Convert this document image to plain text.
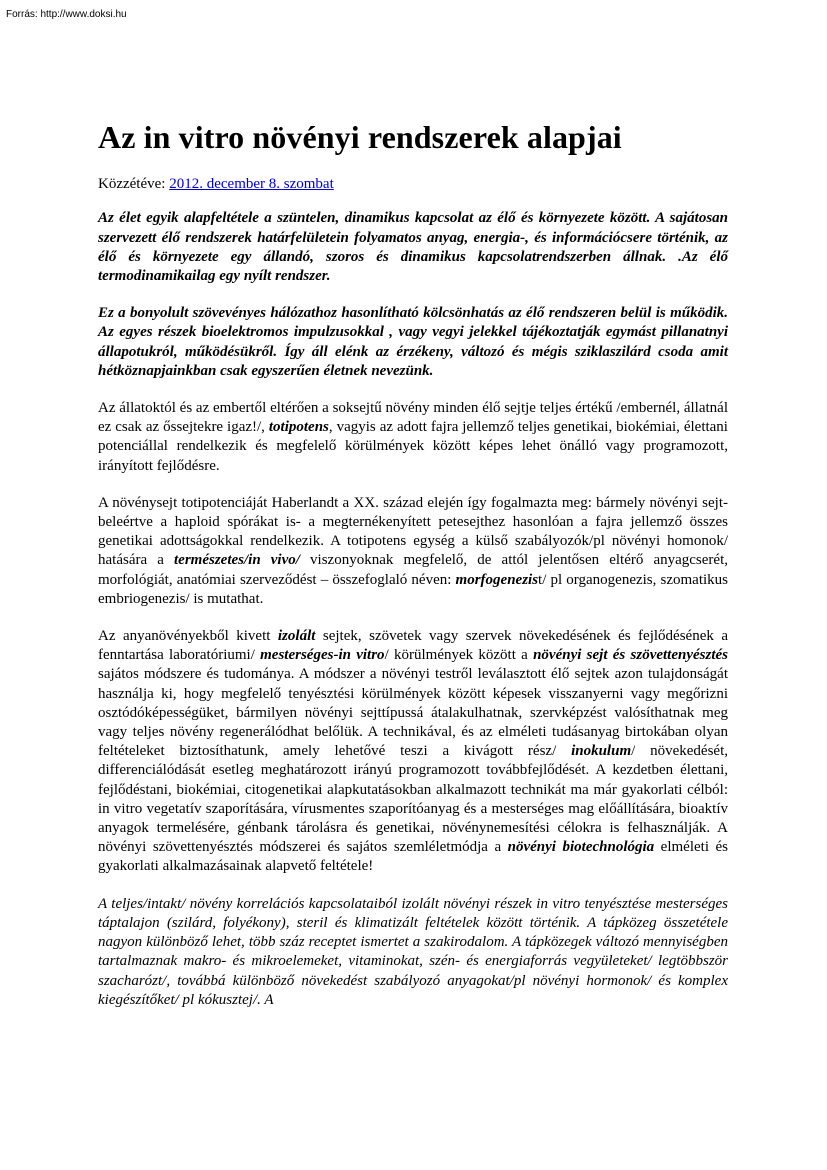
Forrás: http://www.doksi.hu
Az in vitro növényi rendszerek alapjai
Közzétéve: 2012. december 8. szombat

Az élet egyik alapfeltétele a szüntelen, dinamikus kapcsolat az élő és környezete között. A sajátosan szervezett élő rendszerek határfelületein folyamatos anyag, energia-, és információcsere történik, az élő és környezete egy állandó, szoros és dinamikus kapcsolatrendszerben állnak. .Az élő termodinamikailag egy nyílt rendszer.

Ez a bonyolult szövevényes hálózathoz hasonlítható kölcsönhatás az élő rendszeren belül is működik. Az egyes részek bioelektromos impulzusokkal , vagy vegyi jelekkel tájékoztatják egymást pillanatnyi állapotukról, működésükről. Így áll elénk az érzékeny, változó és mégis sziklaszilárd csoda amit hétköznapjainkban csak egyszerűen életnek nevezünk.

Az állatoktól és az embertől eltérően a soksejtű növény minden élő sejtje teljes értékű /embernél, állatnál ez csak az őssejtekre igaz!/, totipotens, vagyis az adott fajra jellemző teljes genetikai, biokémiai, élettani potenciállal rendelkezik és megfelelő körülmények között képes lehet önálló vagy programozott, irányított fejlődésre.

A növénysejt totipotenciáját Haberlandt a XX. század elején így fogalmazta meg: bármely növényi sejt-beleértve a haploid spórákat is- a megternékenyített petesejthez hasonlóan a fajra jellemző összes genetikai adottságokkal rendelkezik. A totipotens egység a külső szabályozók/pl növényi homonok/ hatására a természetes/in vivo/ viszonyoknak megfelelő, de attól jelentősen eltérő anyagcserét, morfológiát, anatómiai szerveződést – összefoglaló néven: morfogenezist/ pl organogenezis, szomatikus embriogenezis/ is mutathat.

Az anyanövényekből kivett izolált sejtek, szövetek vagy szervek növekedésének és fejlődésének a fenntartása laboratóriumi/ mesterséges-in vitro/ körülmények között a növényi sejt és szövettenyésztés sajátos módszere és tudománya. A módszer a növényi testről leválasztott élő sejtek azon tulajdonságát használja ki, hogy megfelelő tenyésztési körülmények között képesek visszanyerni vagy megőrizni osztódóképességüket, bármilyen növényi sejttípussá átalakulhatnak, szervképzést valósíthatnak meg vagy teljes növény regenerálódhat belőlük. A technikával, és az elméleti tudásanyag birtokában olyan feltételeket biztosíthatunk, amely lehetővé teszi a kivágott rész/ inokulum/ növekedését, differenciálódását esetleg meghatározott irányú programozott továbbfejlődését. A kezdetben élettani, fejlődéstani, biokémiai, citogenetikai alapkutatásokban alkalmazott technikát ma már gyakorlati célból: in vitro vegetatív szaporítására, vírusmentes szaporítóanyag és a mesterséges mag előállítására, bioaktív anyagok termelésére, génbank tárolásra és genetikai, növénynemesítési célokra is felhasználják. A növényi szövettenyésztés módszerei és sajátos szemléletmódja a növényi biotechnológia elméleti és gyakorlati alkalmazásainak alapvető feltétele!

A teljes/intakt/ növény korrelációs kapcsolataiból izolált növényi részek in vitro tenyésztése mesterséges táptalajon (szilárd, folyékony), steril és klimatizált feltételek között történik. A tápközeg összetétele nagyon különböző lehet, több száz receptet ismertet a szakirodalom. A tápközegek változó mennyiségben tartalmaznak makro- és mikroelemeket, vitaminokat, szén- és energiaforrás vegyületeket/ legtöbbször szacharózt/, továbbá különböző növekedést szabályozó anyagokat/pl növényi hormonok/ és komplex kiegészítőket/ pl kókusztej/. A
